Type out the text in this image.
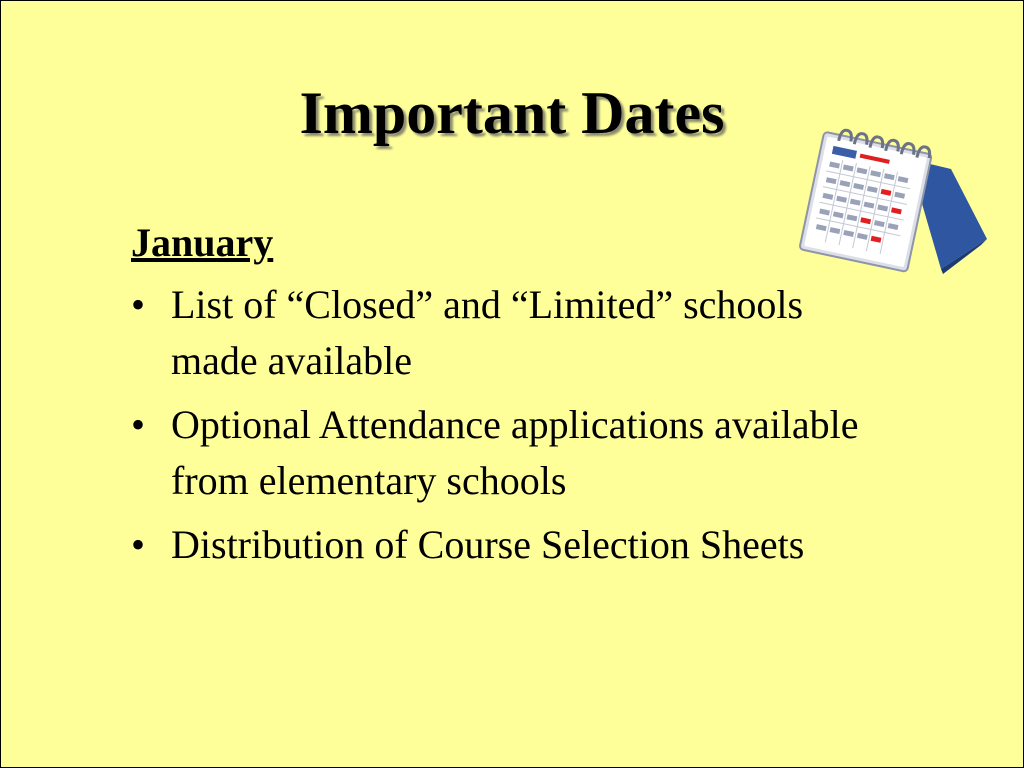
Important Dates
January
• List of “Closed” and “Limited” schools made available
• Optional Attendance applications available from elementary schools
• Distribution of Course Selection Sheets
